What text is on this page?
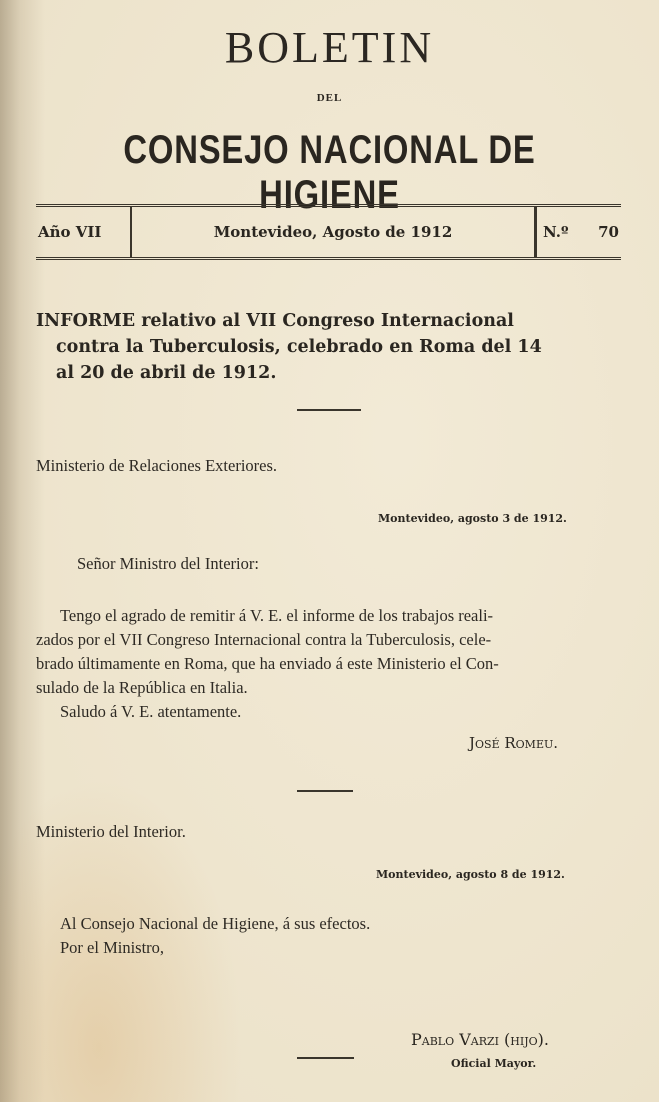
BOLETIN
DEL
CONSEJO NACIONAL DE HIGIENE
Año VII	Montevideo, Agosto de 1912	N.º 70
INFORME relativo al VII Congreso Internacional
contra la Tuberculosis, celebrado en Roma del 14
al 20 de abril de 1912.
Ministerio de Relaciones Exteriores.
Montevideo, agosto 3 de 1912.
Señor Ministro del Interior:
Tengo el agrado de remitir á V. E. el informe de los trabajos reali-
zados por el VII Congreso Internacional contra la Tuberculosis, cele-
brado últimamente en Roma, que ha enviado á este Ministerio el Con-
sulado de la República en Italia.
Saludo á V. E. atentamente.
José Romeu.
Ministerio del Interior.
Montevideo, agosto 8 de 1912.
Al Consejo Nacional de Higiene, á sus efectos.
Por el Ministro,
Pablo Varzi (hijo).
Oficial Mayor.
